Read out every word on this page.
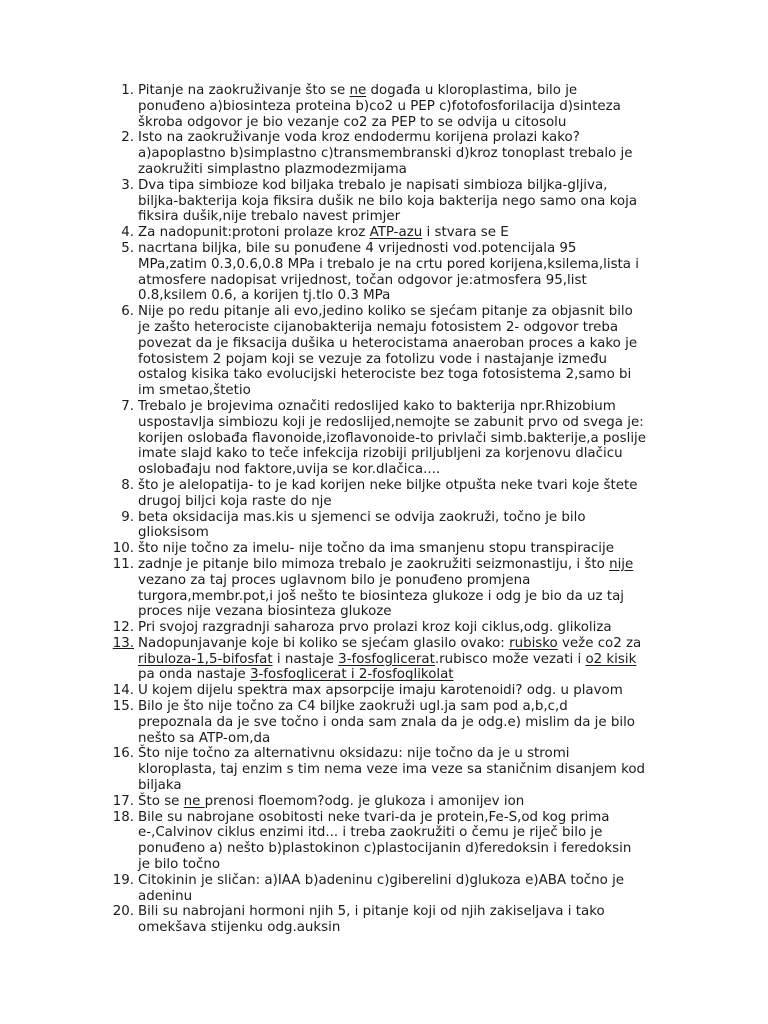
1. Pitanje na zaokruživanje što se ne događa u kloroplastima, bilo je
ponuđeno a)biosinteza proteina b)co2 u PEP c)fotofosforilacija d)sinteza
škroba odgovor je bio vezanje co2 za PEP to se odvija u citosolu
2. Isto na zaokruživanje voda kroz endodermu korijena prolazi kako?
a)apoplastno b)simplastno c)transmembranski d)kroz tonoplast trebalo je
zaokružiti simplastno plazmodezmijama
3. Dva tipa simbioze kod biljaka trebalo je napisati simbioza biljka-gljiva,
biljka-bakterija koja fiksira dušik ne bilo koja bakterija nego samo ona koja
fiksira dušik,nije trebalo navest primjer
4. Za nadopunit:protoni prolaze kroz ATP-azu i stvara se E
5. nacrtana biljka, bile su ponuđene 4 vrijednosti vod.potencijala 95
MPa,zatim 0.3,0.6,0.8 MPa i trebalo je na crtu pored korijena,ksilema,lista i
atmosfere nadopisat vrijednost, točan odgovor je:atmosfera 95,list
0.8,ksilem 0.6, a korijen tj.tlo 0.3 MPa
6. Nije po redu pitanje ali evo,jedino koliko se sjećam pitanje za objasnit bilo
je zašto heterociste cijanobakterija nemaju fotosistem 2- odgovor treba
povezat da je fiksacija dušika u heterocistama anaeroban proces a kako je
fotosistem 2 pojam koji se vezuje za fotolizu vode i nastajanje između
ostalog kisika tako evolucijski heterociste bez toga fotosistema 2,samo bi
im smetao,štetio
7. Trebalo je brojevima označiti redoslijed kako to bakterija npr.Rhizobium
uspostavlja simbiozu koji je redoslijed,nemojte se zabunit prvo od svega je:
korijen oslobađa flavonoide,izoflavonoide-to privlači simb.bakterije,a poslije
imate slajd kako to teče infekcija rizobiji priljubljeni za korjenovu dlačicu
oslobađaju nod faktore,uvija se kor.dlačica....
8. što je alelopatija- to je kad korijen neke biljke otpušta neke tvari koje štete
drugoj biljci koja raste do nje
9. beta oksidacija mas.kis u sjemenci se odvija zaokruži, točno je bilo
glioksisom
10. što nije točno za imelu- nije točno da ima smanjenu stopu transpiracije
11. zadnje je pitanje bilo mimoza trebalo je zaokružiti seizmonastiju, i što nije
vezano za taj proces uglavnom bilo je ponuđeno promjena
turgora,membr.pot,i još nešto te biosinteza glukoze i odg je bio da uz taj
proces nije vezana biosinteza glukoze
12. Pri svojoj razgradnji saharoza prvo prolazi kroz koji ciklus,odg. glikoliza
13. Nadopunjavanje koje bi koliko se sjećam glasilo ovako: rubisko veže co2 za
ribuloza-1,5-bifosfat i nastaje 3-fosfoglicerat.rubisco može vezati i o2 kisik
pa onda nastaje 3-fosfoglicerat i 2-fosfoglikolat
14. U kojem dijelu spektra max apsorpcije imaju karotenoidi? odg. u plavom
15. Bilo je što nije točno za C4 biljke zaokruži ugl.ja sam pod a,b,c,d
prepoznala da je sve točno i onda sam znala da je odg.e) mislim da je bilo
nešto sa ATP-om,da
16. Što nije točno za alternativnu oksidazu: nije točno da je u stromi
kloroplasta, taj enzim s tim nema veze ima veze sa staničnim disanjem kod
biljaka
17. Što se ne prenosi floemom?odg. je glukoza i amonijev ion
18. Bile su nabrojane osobitosti neke tvari-da je protein,Fe-S,od kog prima
e-,Calvinov ciklus enzimi itd... i treba zaokružiti o čemu je riječ bilo je
ponuđeno a) nešto b)plastokinon c)plastocijanin d)feredoksin i feredoksin
je bilo točno
19. Citokinin je sličan: a)IAA b)adeninu c)giberelini d)glukoza e)ABA točno je
adeninu
20. Bili su nabrojani hormoni njih 5, i pitanje koji od njih zakiseljava i tako
omekšava stijenku odg.auksin
